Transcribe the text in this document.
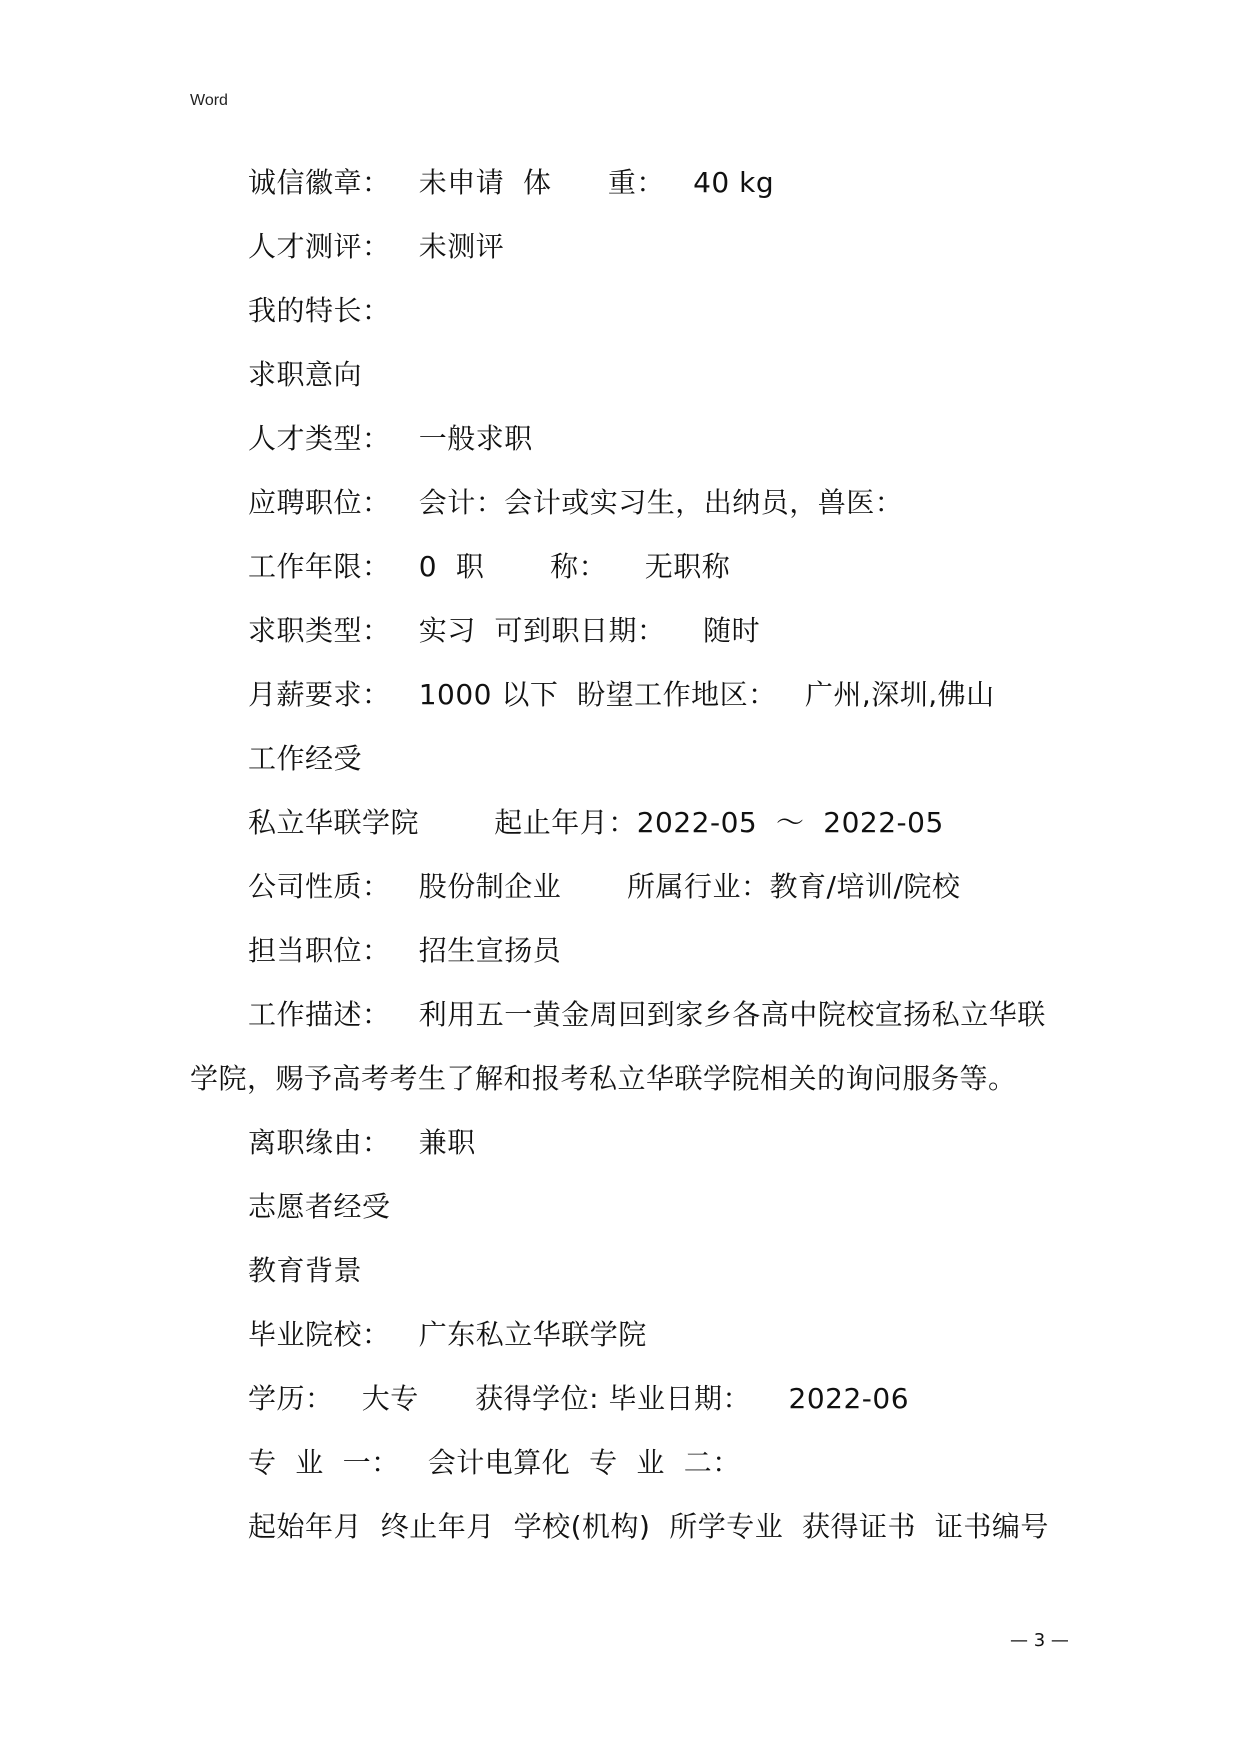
Word
诚信徽章：   未申请  体      重：   40 kg
人才测评：   未测评
我的特长：
求职意向
人才类型：   一般求职
应聘职位：   会计：会计或实习生，出纳员，兽医：
工作年限：   0  职       称：    无职称
求职类型：   实习  可到职日期：    随时
月薪要求：   1000 以下  盼望工作地区：   广州,深圳,佛山
工作经受
私立华联学院        起止年月：2022-05  ～  2022-05
公司性质：   股份制企业       所属行业：教育/培训/院校
担当职位：   招生宣扬员
工作描述：   利用五一黄金周回到家乡各高中院校宣扬私立华联
学院，赐予高考考生了解和报考私立华联学院相关的询问服务等。
离职缘由：   兼职
志愿者经受
教育背景
毕业院校：   广东私立华联学院
学历：   大专      获得学位: 毕业日期：    2022-06
专  业  一：   会计电算化  专  业  二：
起始年月  终止年月  学校(机构)  所学专业  获得证书  证书编号
— 3 —
